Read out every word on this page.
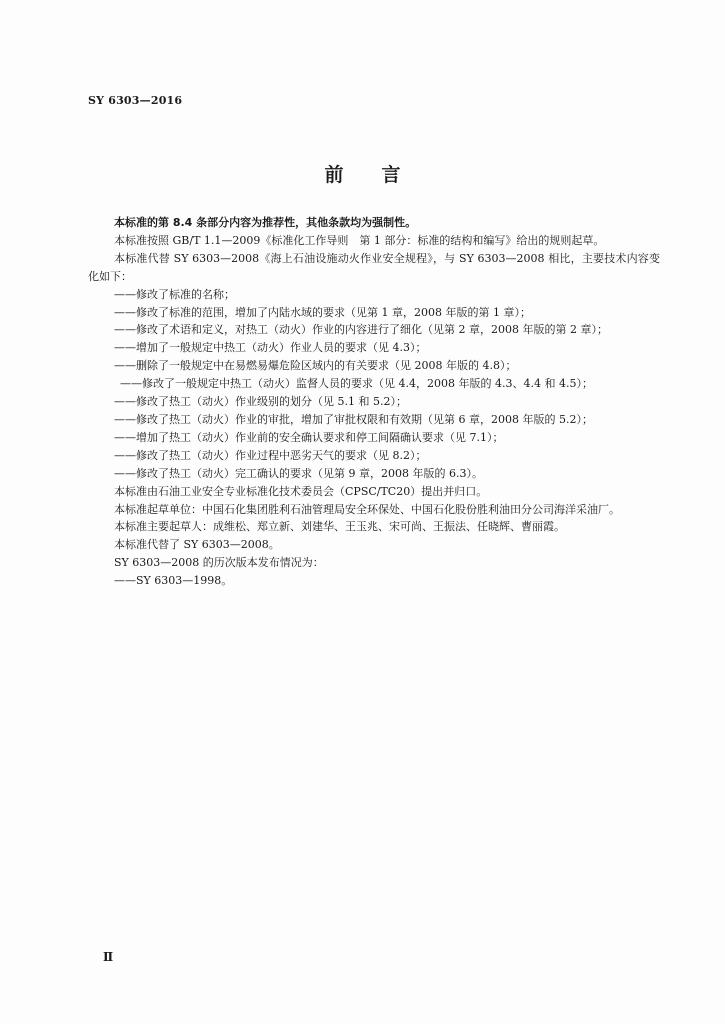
SY 6303—2016
前言

本标准的第 8.4 条部分内容为推荐性，其他条款均为强制性。

本标准按照 GB/T 1.1—2009《标准化工作导则　第 1 部分：标准的结构和编写》给出的规则起草。

本标准代替 SY 6303—2008《海上石油设施动火作业安全规程》，与 SY 6303—2008 相比，主要技术内容变化如下：

——修改了标准的名称；

——修改了标准的范围，增加了内陆水域的要求（见第 1 章，2008 年版的第 1 章）；

——修改了术语和定义，对热工（动火）作业的内容进行了细化（见第 2 章，2008 年版的第 2 章）；

——增加了一般规定中热工（动火）作业人员的要求（见 4.3）；

——删除了一般规定中在易燃易爆危险区域内的有关要求（见 2008 年版的 4.8）；

——修改了一般规定中热工（动火）监督人员的要求（见 4.4，2008 年版的 4.3、4.4 和 4.5）；

——修改了热工（动火）作业级别的划分（见 5.1 和 5.2）；

——修改了热工（动火）作业的审批，增加了审批权限和有效期（见第 6 章，2008 年版的 5.2）；

——增加了热工（动火）作业前的安全确认要求和停工间隔确认要求（见 7.1）；

——修改了热工（动火）作业过程中恶劣天气的要求（见 8.2）；

——修改了热工（动火）完工确认的要求（见第 9 章，2008 年版的 6.3）。

本标准由石油工业安全专业标准化技术委员会（CPSC/TC20）提出并归口。

本标准起草单位：中国石化集团胜利石油管理局安全环保处、中国石化股份胜利油田分公司海洋采油厂。

本标准主要起草人：成维松、郑立新、刘建华、王玉兆、宋可尚、王振法、任晓辉、曹丽霞。

本标准代替了 SY 6303—2008。

SY 6303—2008 的历次版本发布情况为：

——SY 6303—1998。

Ⅱ
